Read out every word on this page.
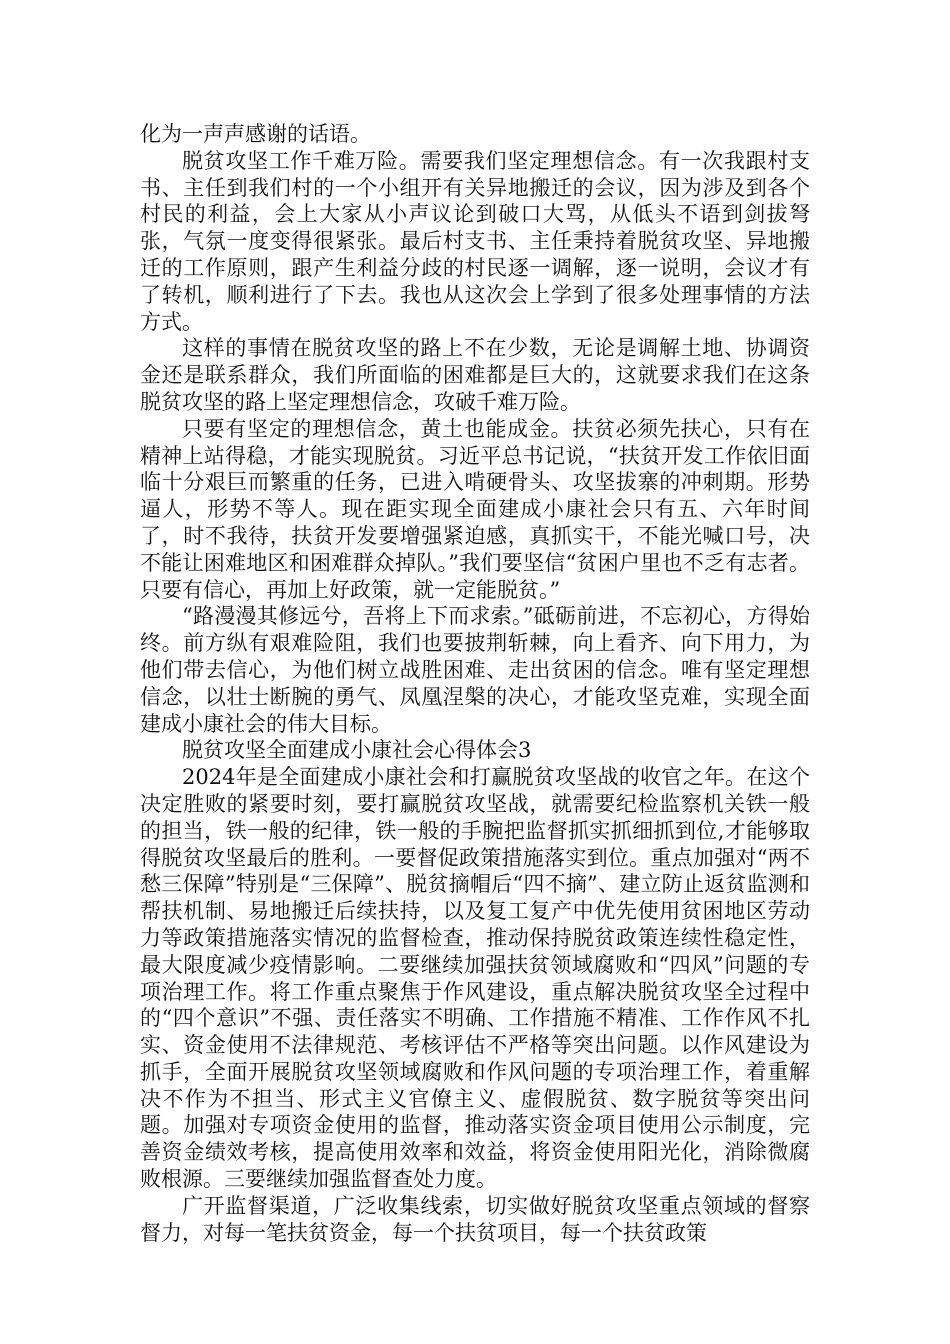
化为一声声感谢的话语。

脱贫攻坚工作千难万险。需要我们坚定理想信念。有一次我跟村支书、主任到我们村的一个小组开有关异地搬迁的会议，因为涉及到各个村民的利益，会上大家从小声议论到破口大骂，从低头不语到剑拔弩张，气氛一度变得很紧张。最后村支书、主任秉持着脱贫攻坚、异地搬迁的工作原则，跟产生利益分歧的村民逐一调解，逐一说明，会议才有了转机，顺利进行了下去。我也从这次会上学到了很多处理事情的方法方式。

这样的事情在脱贫攻坚的路上不在少数，无论是调解土地、协调资金还是联系群众，我们所面临的困难都是巨大的，这就要求我们在这条脱贫攻坚的路上坚定理想信念，攻破千难万险。

只要有坚定的理想信念，黄土也能成金。扶贫必须先扶心，只有在精神上站得稳，才能实现脱贫。习近平总书记说，“扶贫开发工作依旧面临十分艰巨而繁重的任务，已进入啃硬骨头、攻坚拔寨的冲刺期。形势逼人，形势不等人。现在距实现全面建成小康社会只有五、六年时间了，时不我待，扶贫开发要增强紧迫感，真抓实干，不能光喊口号，决不能让困难地区和困难群众掉队。”我们要坚信“贫困户里也不乏有志者。只要有信心，再加上好政策，就一定能脱贫。”

“路漫漫其修远兮，吾将上下而求索。”砥砺前进，不忘初心，方得始终。前方纵有艰难险阻，我们也要披荆斩棘，向上看齐、向下用力，为他们带去信心，为他们树立战胜困难、走出贫困的信念。唯有坚定理想信念，以壮士断腕的勇气、凤凰涅槃的决心，才能攻坚克难，实现全面建成小康社会的伟大目标。

脱贫攻坚全面建成小康社会心得体会3

2024年是全面建成小康社会和打赢脱贫攻坚战的收官之年。在这个决定胜败的紧要时刻，要打赢脱贫攻坚战，就需要纪检监察机关铁一般的担当，铁一般的纪律，铁一般的手腕把监督抓实抓细抓到位,才能够取得脱贫攻坚最后的胜利。一要督促政策措施落实到位。重点加强对“两不愁三保障”特别是“三保障”、脱贫摘帽后“四不摘”、建立防止返贫监测和帮扶机制、易地搬迁后续扶持，以及复工复产中优先使用贫困地区劳动力等政策措施落实情况的监督检查，推动保持脱贫政策连续性稳定性，最大限度减少疫情影响。二要继续加强扶贫领域腐败和“四风”问题的专项治理工作。将工作重点聚焦于作风建设，重点解决脱贫攻坚全过程中的“四个意识”不强、责任落实不明确、工作措施不精准、工作作风不扎实、资金使用不法律规范、考核评估不严格等突出问题。以作风建设为抓手，全面开展脱贫攻坚领域腐败和作风问题的专项治理工作，着重解决不作为不担当、形式主义官僚主义、虚假脱贫、数字脱贫等突出问题。加强对专项资金使用的监督，推动落实资金项目使用公示制度，完善资金绩效考核，提高使用效率和效益，将资金使用阳光化，消除微腐败根源。三要继续加强监督查处力度。

广开监督渠道，广泛收集线索，切实做好脱贫攻坚重点领域的督察督力，对每一笔扶贫资金，每一个扶贫项目，每一个扶贫政策
